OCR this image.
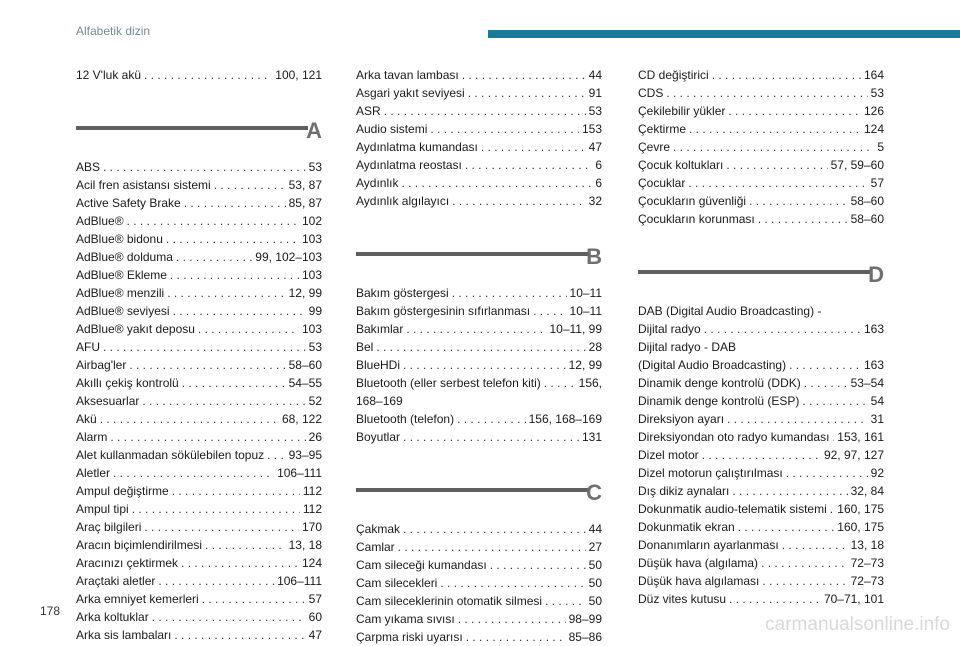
Alfabetik dizin
12 V'luk akü . . .	100, 121
A
ABS . . .	53
Acil fren asistansı sistemi . . .	53, 87
Active Safety Brake . . .	85, 87
AdBlue® . . .	102
AdBlue® bidonu . . .	103
AdBlue® dolduma . . .	99, 102–103
AdBlue® Ekleme . . .	103
AdBlue® menzili . . .	12, 99
AdBlue® seviyesi . . .	99
AdBlue® yakıt deposu . . .	103
AFU . . .	53
Airbag'ler . . .	58–60
Akıllı çekiş kontrolü . . .	54–55
Aksesuarlar . . .	52
Akü . . .	68, 122
Alarm . . .	26
Alet kullanmadan sökülebilen topuz . . . 93–95
Aletler . . .	106–111
Ampul değiştirme . . .	112
Ampul tipi . . .	112
Araç bilgileri . . .	170
Aracın biçimlendirilmesi . . .	13, 18
Aracınızı çektirmek . . .	124
Araçtaki aletler . . .	106–111
Arka emniyet kemerleri . . .	57
Arka koltuklar . . .	60
Arka sis lambaları . . .	47
Arka tavan lambası . . .	44
Asgari yakıt seviyesi . . .	91
ASR . . .	53
Audio sistemi . . .	153
Aydınlatma kumandası . . .	47
Aydınlatma reostası . . .	6
Aydınlık . . .	6
Aydınlık algılayıcı . . .	32
B
Bakım göstergesi . . .	10–11
Bakım göstergesinin sıfırlanması . . .	10–11
Bakımlar . . .	10–11, 99
Bel . . .	28
BlueHDi . . .	12, 99
Bluetooth (eller serbest telefon kiti) . . .	156,
168–169
Bluetooth (telefon) . . .	156, 168–169
Boyutlar . . .	131
C
Çakmak . . .	44
Camlar . . .	27
Cam sileceği kumandası . . .	50
Cam silecekleri . . .	50
Cam sileceklerinin otomatik silmesi . . .	50
Cam yıkama sıvısı . . .	98–99
Çarpma riski uyarısı . . .	85–86
CD değiştirici . . .	164
CDS . . .	53
Çekilebilir yükler . . .	126
Çektirme . . .	124
Çevre . . .	5
Çocuk koltukları . . .	57, 59–60
Çocuklar . . .	57
Çocukların güvenliği . . .	58–60
Çocukların korunması . . .	58–60
D
DAB (Digital Audio Broadcasting) -
Dijital radyo . . .	163
Dijital radyo - DAB
(Digital Audio Broadcasting) . . .	163
Dinamik denge kontrolü (DDK) . . .	53–54
Dinamik denge kontrolü (ESP) . . .	54
Direksiyon ayarı . . .	31
Direksiyondan oto radyo kumandası . . . 153, 161
Dizel motor . . .	92, 97, 127
Dizel motorun çalıştırılması . . .	92
Dış dikiz aynaları . . .	32, 84
Dokunmatik audio-telematik sistemi . . . 160, 175
Dokunmatik ekran . . .	160, 175
Donanımların ayarlanması . . .	13, 18
Düşük hava (algılama) . . .	72–73
Düşük hava algılaması . . .	72–73
Düz vites kutusu . . .	70–71, 101
178
carmanualsonline.info
